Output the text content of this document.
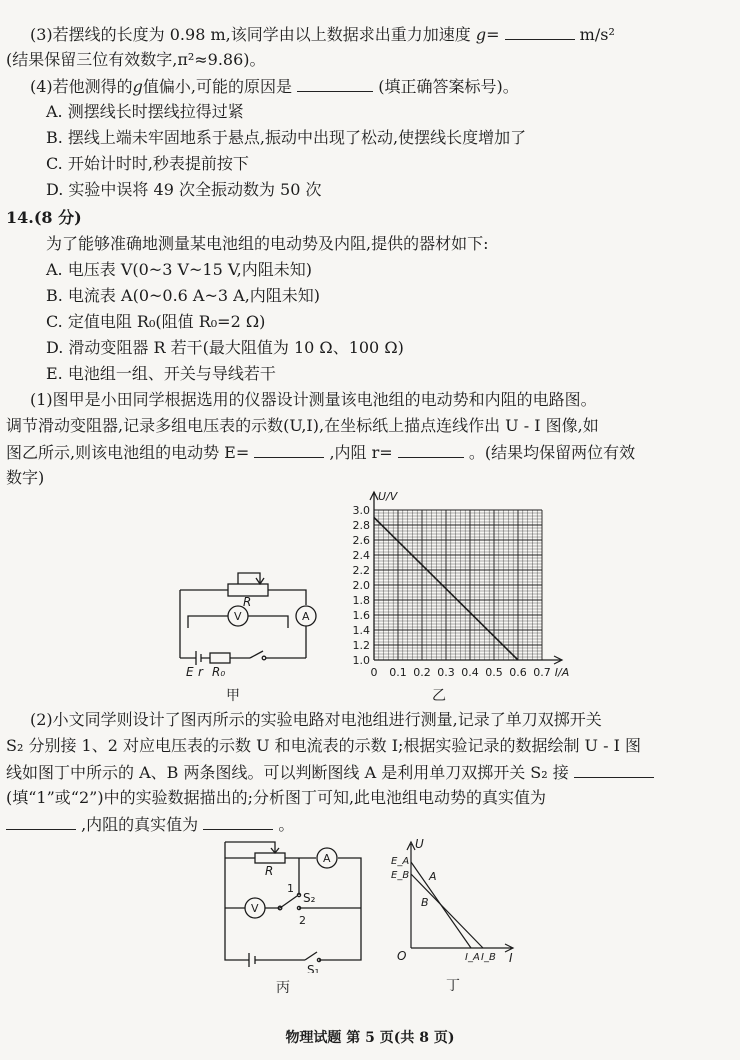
(3)若摆线的长度为 0.98 m,该同学由以上数据求出重力加速度 g=	m/s²
(结果保留三位有效数字,π²≈9.86)。
(4)若他测得的g值偏小,可能的原因是	(填正确答案标号)。
A. 测摆线长时摆线拉得过紧
B. 摆线上端未牢固地系于悬点,振动中出现了松动,使摆线长度增加了
C. 开始计时时,秒表提前按下
D. 实验中误将 49 次全振动数为 50 次
14.(8 分)
为了能够准确地测量某电池组的电动势及内阻,提供的器材如下:
A. 电压表 V(0~3 V~15 V,内阻未知)
B. 电流表 A(0~0.6 A~3 A,内阻未知)
C. 定值电阻 R₀(阻值 R₀=2 Ω)
D. 滑动变阻器 R 若干(最大阻值为 10 Ω、100 Ω)
E. 电池组一组、开关与导线若干
(1)图甲是小田同学根据选用的仪器设计测量该电池组的电动势和内阻的电路图。
调节滑动变阻器,记录多组电压表的示数(U,I),在坐标纸上描点连线作出 U - I 图像,如
图乙所示,则该电池组的电动势 E=	,内阻 r=	。(结果均保留两位有效
数字)
R
A
V
E r R₀
甲
3.0
2.8
2.6
2.4
2.2
2.0
1.8
1.6
1.4
1.2
1.0
0 0.1 0.2 0.3 0.4 0.5 0.6 0.7
U/V
I/A
乙
(2)小文同学则设计了图丙所示的实验电路对电池组进行测量,记录了单刀双掷开关
S₂ 分别接 1、2 对应电压表的示数 U 和电流表的示数 I;根据实验记录的数据绘制 U - I 图
线如图丁中所示的 A、B 两条图线。可以判断图线 A 是利用单刀双掷开关 S₂ 接
(填“1”或“2”)中的实验数据描出的;分析图丁可知,此电池组电动势的真实值为
,内阻的真实值为	。
R
A
V
1
S₂
2
S₁
丙
U
I
O
E_A
E_B A
B
I_A I_B
丁
物理试题 第 5 页(共 8 页)
